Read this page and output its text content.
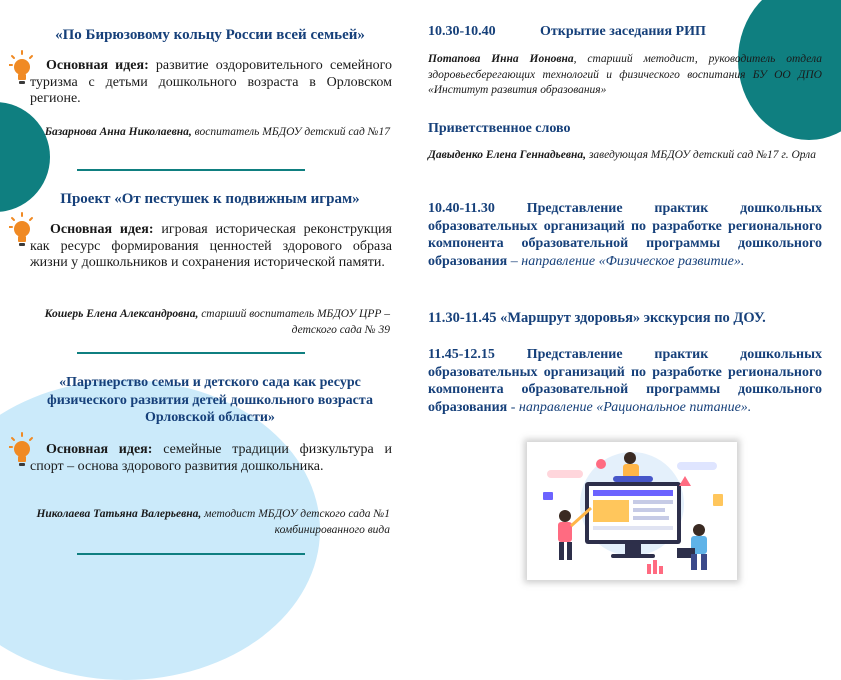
«По Бирюзовому кольцу России всей семьей»
Основная идея: развитие оздоровительного семейного туризма с детьми дошкольного возраста в Орловском регионе.
Базарнова Анна Николаевна, воспитатель МБДОУ детский сад №17
Проект «От пестушек к подвижным играм»
Основная идея: игровая историческая реконструкция как ресурс формирования ценностей здорового образа жизни у дошкольников и сохранения исторической памяти.
Кошерь Елена Александровна, старший воспитатель МБДОУ ЦРР – детского сада № 39
«Партнерство семьи и детского сада как ресурс физического развития детей дошкольного возраста Орловской области»
Основная идея: семейные традиции физкультура и спорт – основа здорового развития дошкольника.
Николаева Татьяна Валерьевна, методист МБДОУ детского сада №1 комбинированного вида
10.30-10.40	Открытие заседания РИП
Потапова Инна Ионовна, старший методист, руководитель отдела здоровьесберегающих технологий и физического воспитания БУ ОО ДПО «Институт развития образования»
Приветственное слово
Давыденко Елена Геннадьевна, заведующая МБДОУ детский сад №17 г. Орла
10.40-11.30 Представление практик дошкольных образовательных организаций по разработке регионального компонента образовательной программы дошкольного образования – направление «Физическое развитие».
11.30-11.45 «Маршрут здоровья» экскурсия по ДОУ.
11.45-12.15 Представление практик дошкольных образовательных организаций по разработке регионального компонента образовательной программы дошкольного образования - направление «Рациональное питание».
